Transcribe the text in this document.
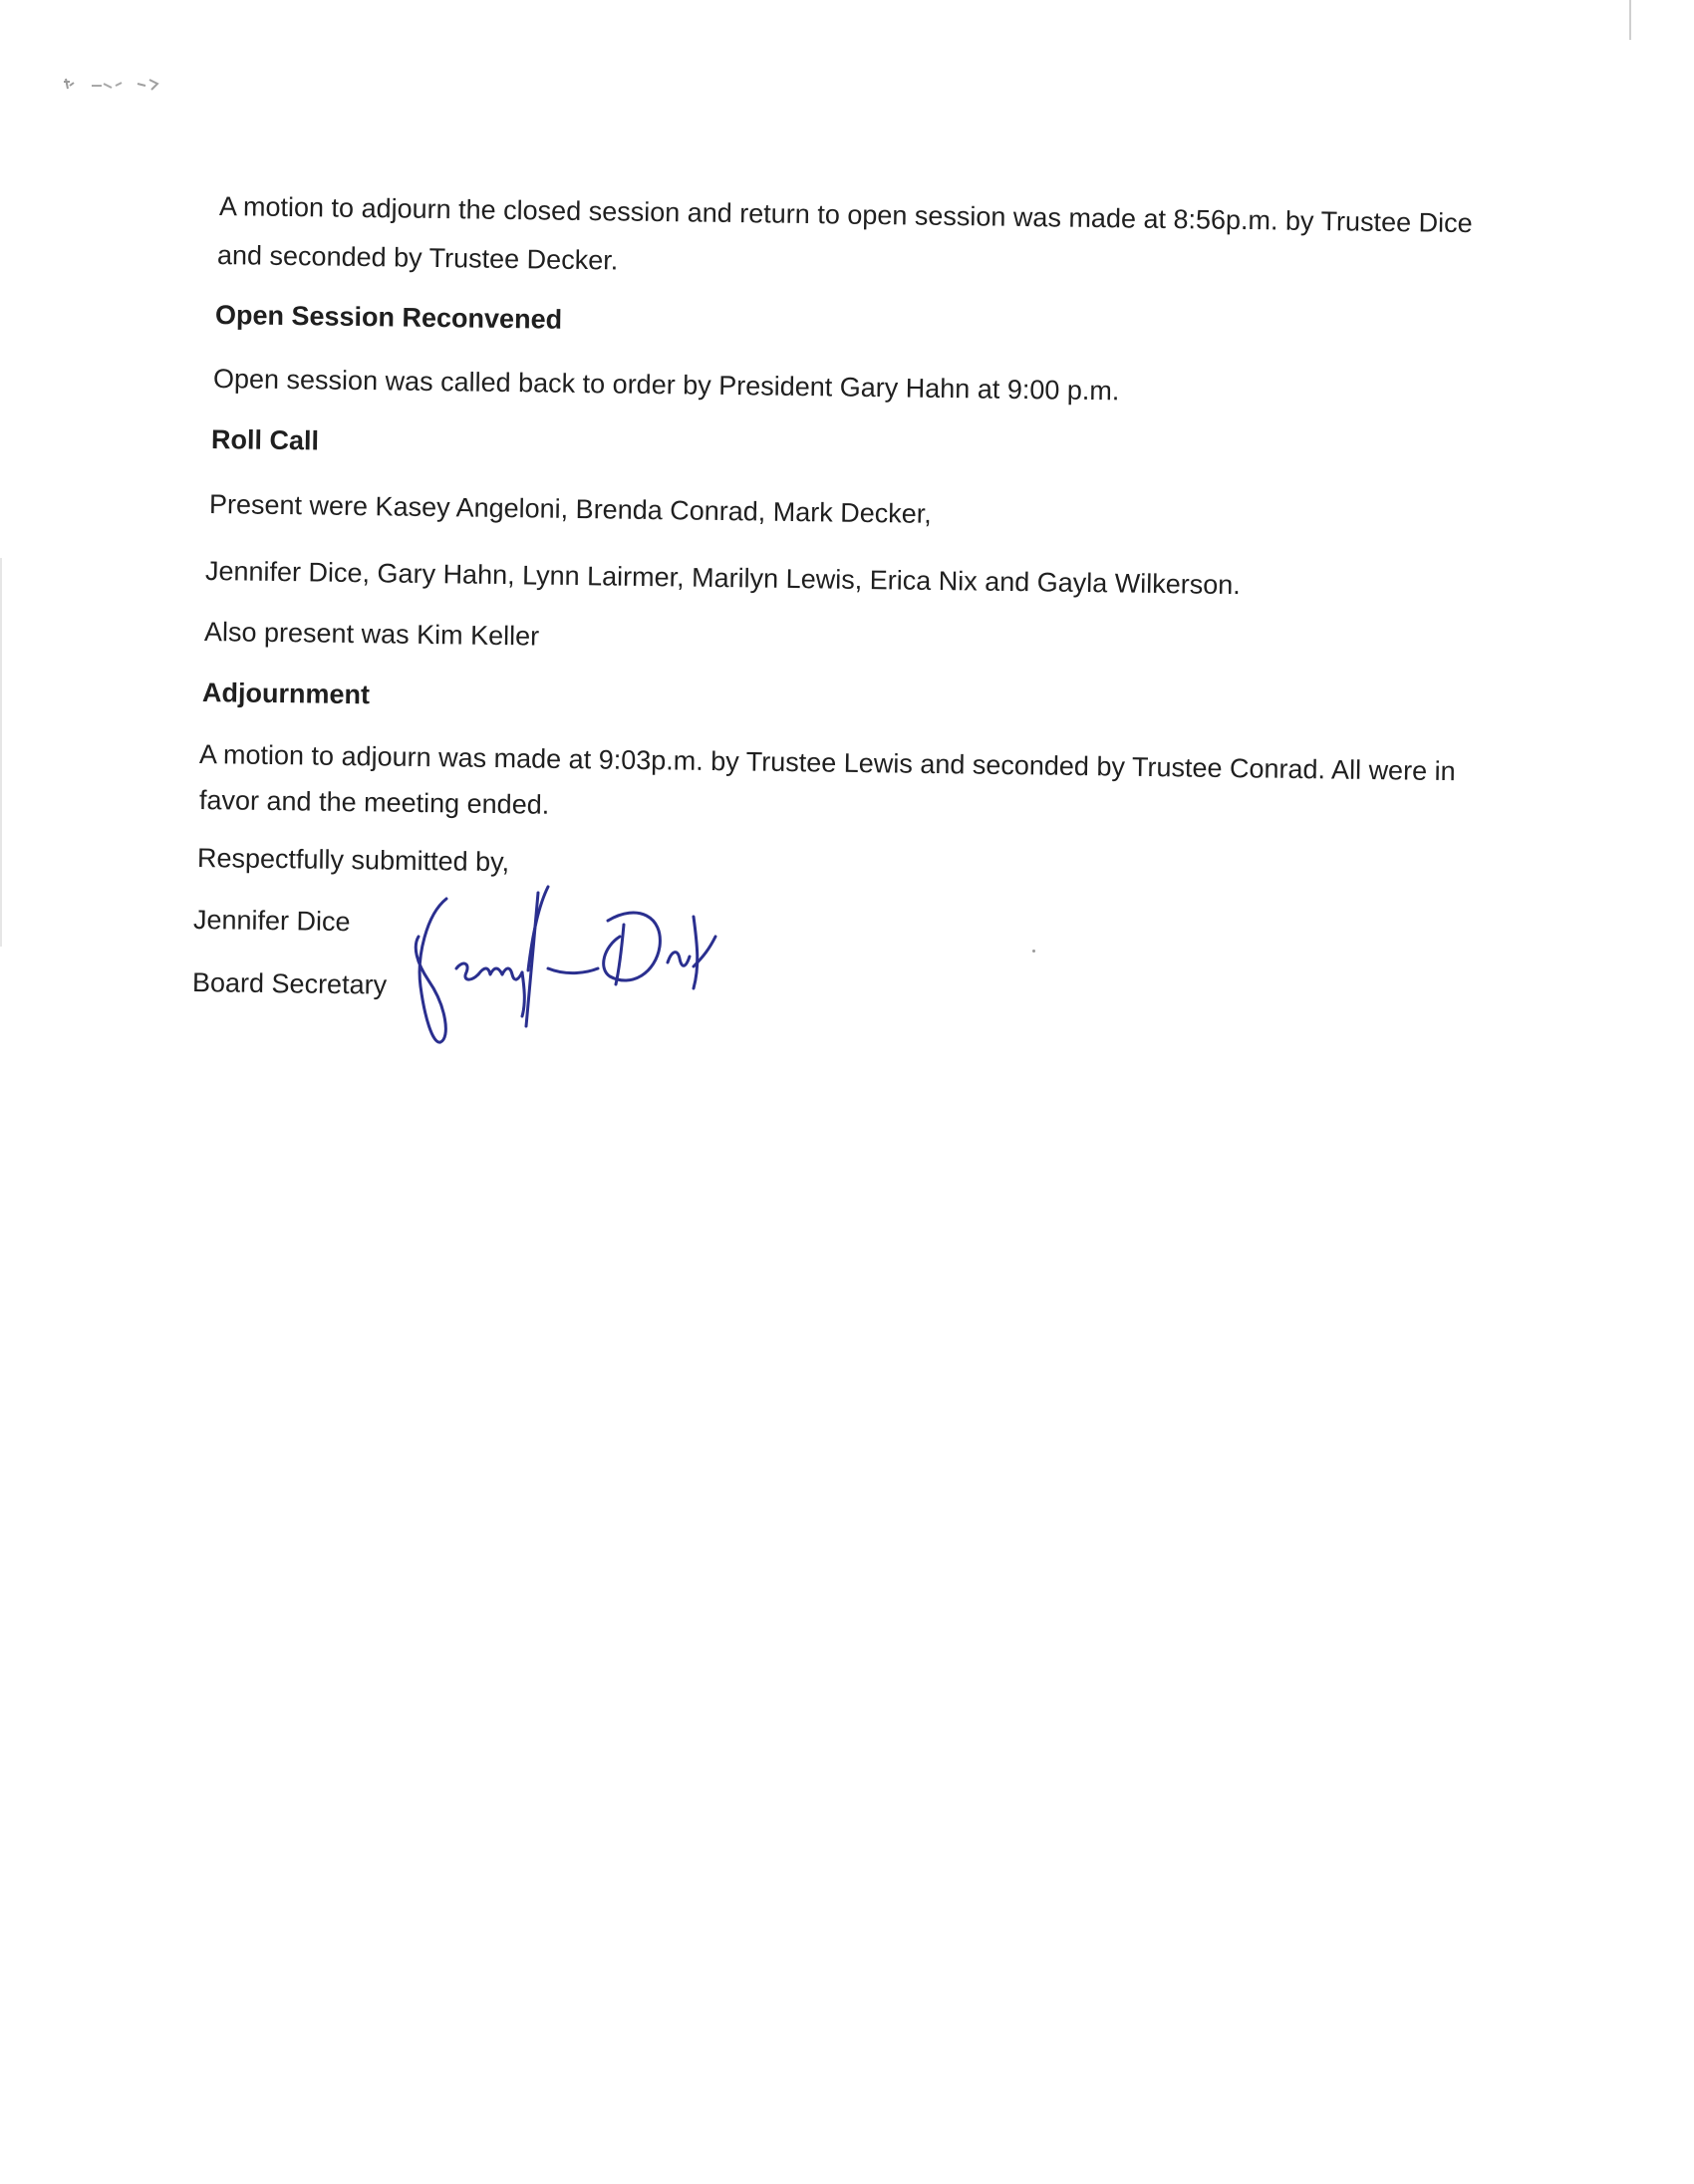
A motion to adjourn the closed session and return to open session was made at 8:56p.m. by Trustee Dice
and seconded by Trustee Decker.
Open Session Reconvened
Open session was called back to order by President Gary Hahn at 9:00 p.m.
Roll Call
Present were Kasey Angeloni, Brenda Conrad, Mark Decker,
Jennifer Dice, Gary Hahn, Lynn Lairmer, Marilyn Lewis, Erica Nix and Gayla Wilkerson.
Also present was Kim Keller
Adjournment
A motion to adjourn was made at 9:03p.m. by Trustee Lewis and seconded by Trustee Conrad. All were in
favor and the meeting ended.
Respectfully submitted by,
Jennifer Dice
Board Secretary
